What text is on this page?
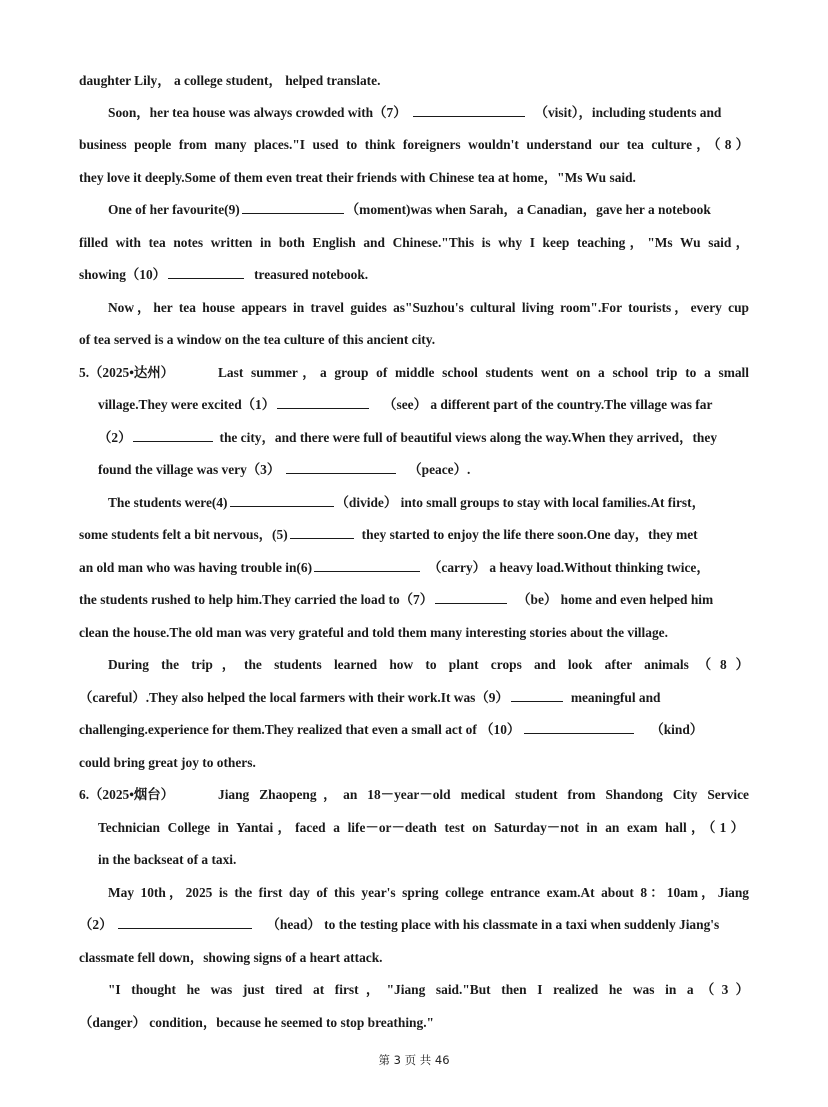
daughter Lily， a college student， helped translate.
Soon，her tea house was always crowded with（7）	（visit），including students and
business people from many places."I used to think foreigners wouldn't understand our tea culture，（8）
they love it deeply.Some of them even treat their friends with Chinese tea at home，"Ms Wu said.
One of her favourite(9)	（moment)was when Sarah，a Canadian，gave her a notebook
filled with tea notes written in both English and Chinese."This is why I keep teaching，"Ms Wu said，
showing（10）	treasured notebook.
Now，her tea house appears in travel guides as"Suzhou's cultural living room".For tourists，every cup
of tea served is a window on the tea culture of this ancient city.
5.（2025•达州）	Last summer，a group of middle school students went on a school trip to a small
village.They were excited（1）	（see） a different part of the country.The village was far
（2）	the city，and there were full of beautiful views along the way.When they arrived，they
found the village was very（3）	（peace）.
The students were(4)	（divide） into small groups to stay with local families.At first，
some students felt a bit nervous，(5)	they started to enjoy the life there soon.One day，they met
an old man who was having trouble in(6)	（carry） a heavy load.Without thinking twice，
the students rushed to help him.They carried the load to（7）	（be） home and even helped him
clean the house.The old man was very grateful and told them many interesting stories about the village.
During the trip，the students learned how to plant crops and look after animals（8）
（careful）.They also helped the local farmers with their work.It was（9）	meaningful and
challenging.experience for them.They realized that even a small act of （10）	（kind）
could bring great joy to others.
6.（2025•烟台）	Jiang Zhaopeng，an 18－year－old medical student from Shandong City Service
Technician College in Yantai，faced a life－or－death test on Saturday－not in an exam hall，（1）
in the backseat of a taxi.
May 10th，2025 is the first day of this year's spring college entrance exam.At about 8：10am，Jiang
（2）	（head） to the testing place with his classmate in a taxi when suddenly Jiang's
classmate fell down，showing signs of a heart attack.
"I thought he was just tired at first，"Jiang said."But then I realized he was in a（3）
（danger） condition，because he seemed to stop breathing."
第 3 页 共 46
